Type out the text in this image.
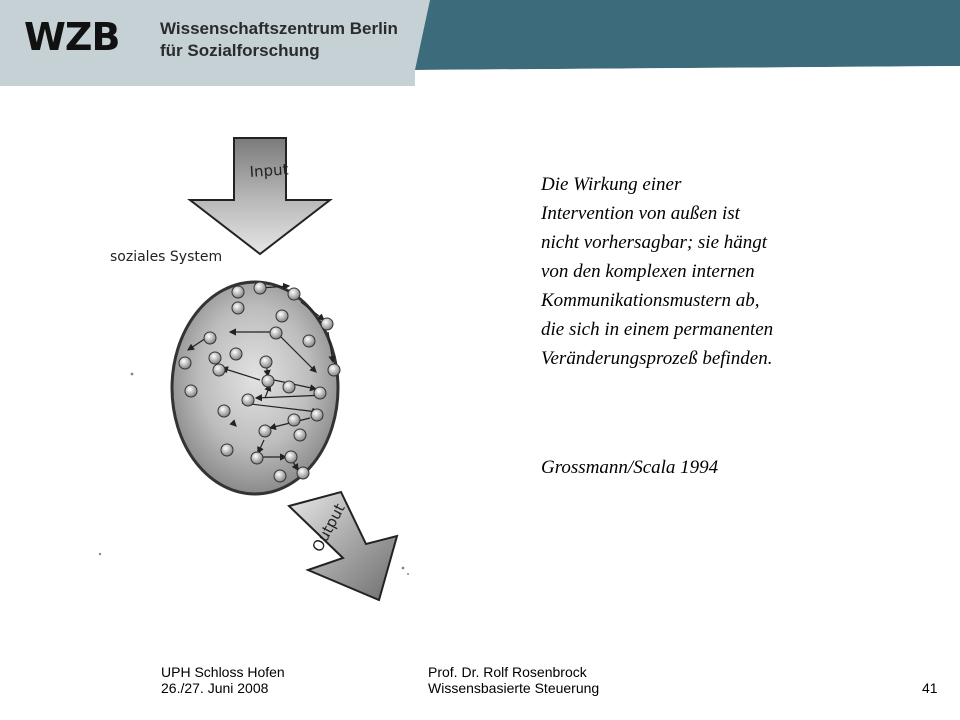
WZB Wissenschaftszentrum Berlin
für Sozialforschung
Input
soziales System
Output
Die Wirkung einer
Intervention von außen ist
nicht vorhersagbar; sie hängt
von den komplexen internen
Kommunikationsmustern ab,
die sich in einem permanenten
Veränderungsprozeß befinden.
Grossmann/Scala 1994
UPH Schloss Hofen
26./27. Juni 2008
Prof. Dr. Rolf Rosenbrock
Wissensbasierte Steuerung	41
